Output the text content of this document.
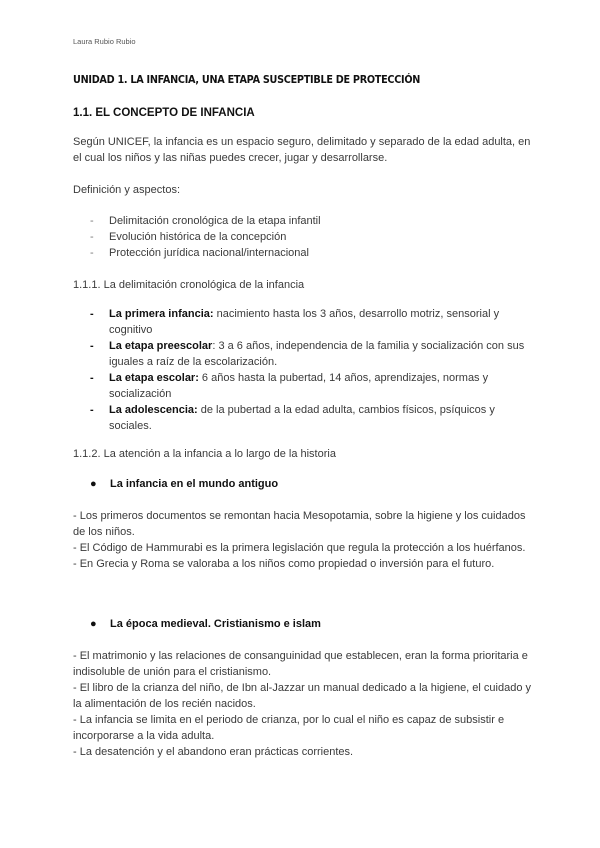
Laura Rubio Rubio
UNIDAD 1. LA INFANCIA, UNA ETAPA SUSCEPTIBLE DE PROTECCIÓN
1.1. EL CONCEPTO DE INFANCIA
Según UNICEF, la infancia es un espacio seguro, delimitado y separado de la edad adulta, en el cual los niños y las niñas puedes crecer, jugar y desarrollarse.
Definición y aspectos:
- Delimitación cronológica de la etapa infantil
- Evolución histórica de la concepción
- Protección jurídica nacional/internacional
1.1.1. La delimitación cronológica de la infancia
- La primera infancia: nacimiento hasta los 3 años, desarrollo motriz, sensorial y cognitivo
- La etapa preescolar: 3 a 6 años, independencia de la familia y socialización con sus iguales a raíz de la escolarización.
- La etapa escolar: 6 años hasta la pubertad, 14 años, aprendizajes, normas y socialización
- La adolescencia: de la pubertad a la edad adulta, cambios físicos, psíquicos y sociales.
1.1.2. La atención a la infancia a lo largo de la historia
● La infancia en el mundo antiguo

- Los primeros documentos se remontan hacia Mesopotamia, sobre la higiene y los cuidados de los niños.

- El Código de Hammurabi es la primera legislación que regula la protección a los huérfanos.

- En Grecia y Roma se valoraba a los niños como propiedad o inversión para el futuro.

● La época medieval. Cristianismo e islam

- El matrimonio y las relaciones de consanguinidad que establecen, eran la forma prioritaria e indisoluble de unión para el cristianismo.

- El libro de la crianza del niño, de Ibn al-Jazzar un manual dedicado a la higiene, el cuidado y la alimentación de los recién nacidos.

- La infancia se limita en el periodo de crianza, por lo cual el niño es capaz de subsistir e incorporarse a la vida adulta.

- La desatención y el abandono eran prácticas corrientes.
